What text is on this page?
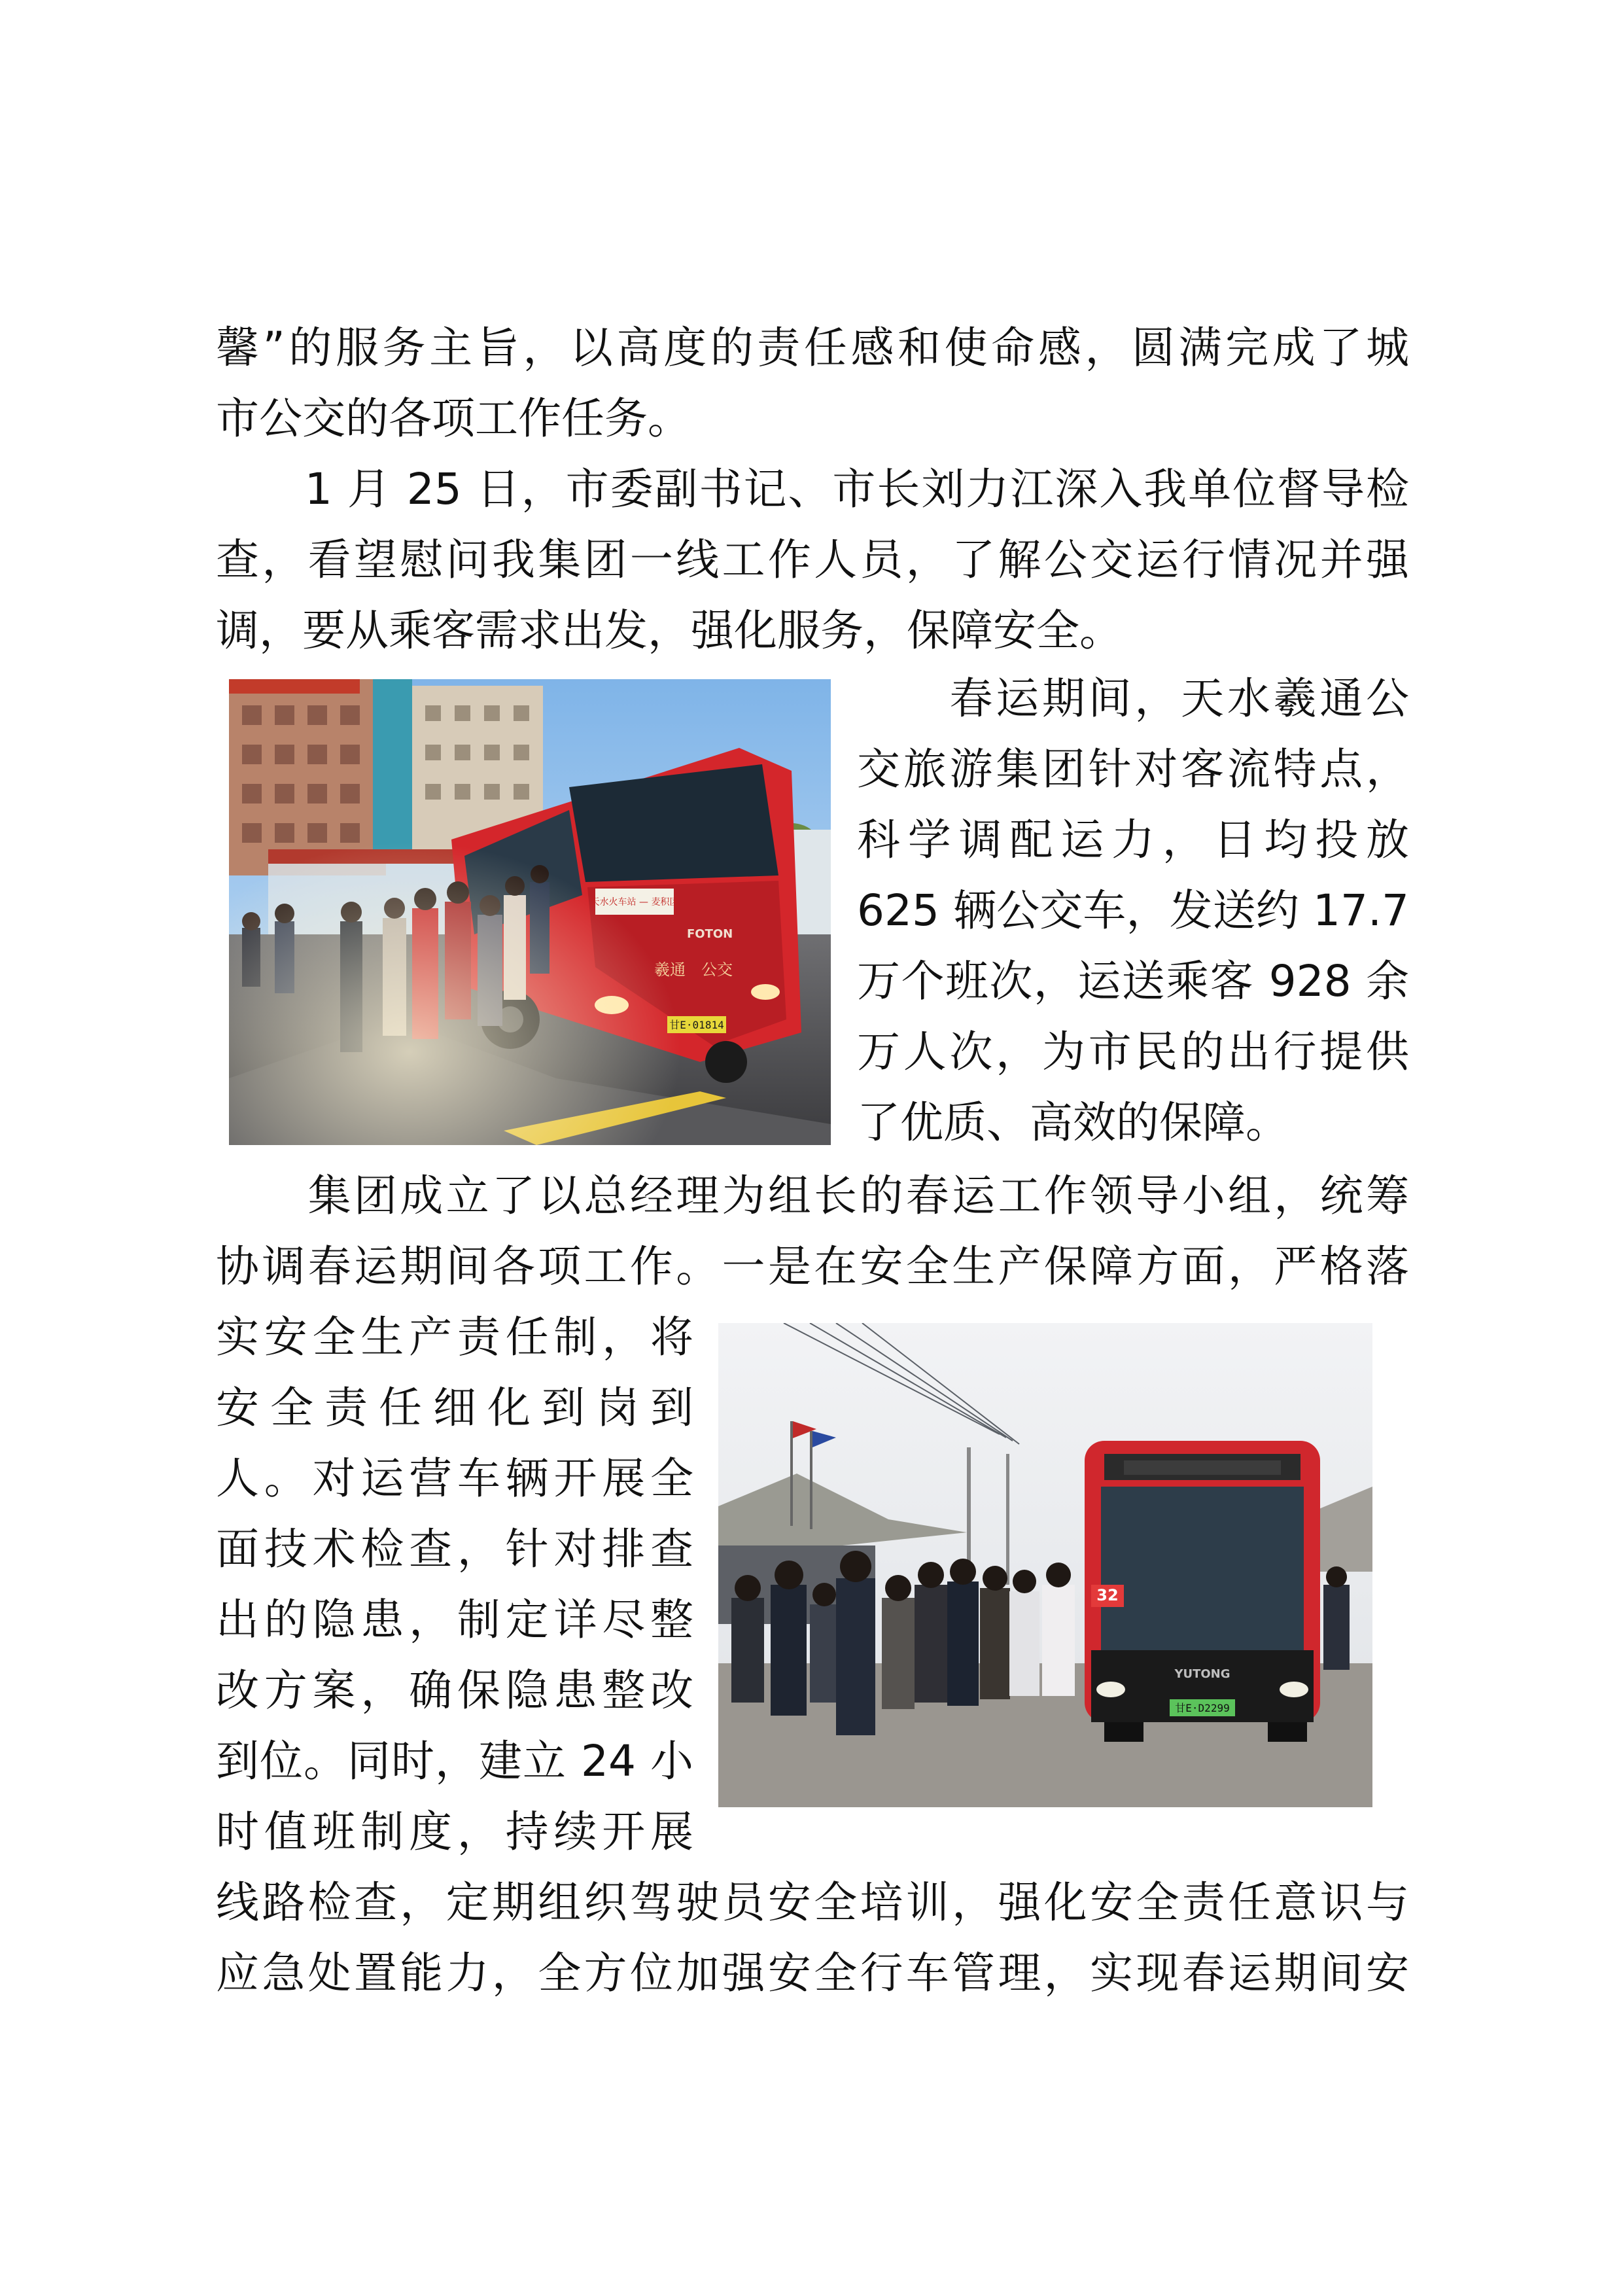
馨”的服务主旨，以高度的责任感和使命感，圆满完成了城
市公交的各项工作任务。
　　1 月 25 日，市委副书记、市长刘力江深入我单位督导检
查，看望慰问我集团一线工作人员，了解公交运行情况并强
调，要从乘客需求出发，强化服务，保障安全。
　　春运期间，天水羲通公
交旅游集团针对客流特点，
科学调配运力，日均投放
625 辆公交车，发送约 17.7
万个班次，运送乘客 928 余
万人次，为市民的出行提供
了优质、高效的保障。
　　集团成立了以总经理为组长的春运工作领导小组，统筹
协调春运期间各项工作。一是在安全生产保障方面，严格落
实安全生产责任制，将
安全责任细化到岗到
人。对运营车辆开展全
面技术检查，针对排查
出的隐患，制定详尽整
改方案，确保隐患整改
到位。同时，建立 24 小
时值班制度，持续开展
线路检查，定期组织驾驶员安全培训，强化安全责任意识与
应急处置能力，全方位加强安全行车管理，实现春运期间安
32
YUTONG
甘E·D2299
